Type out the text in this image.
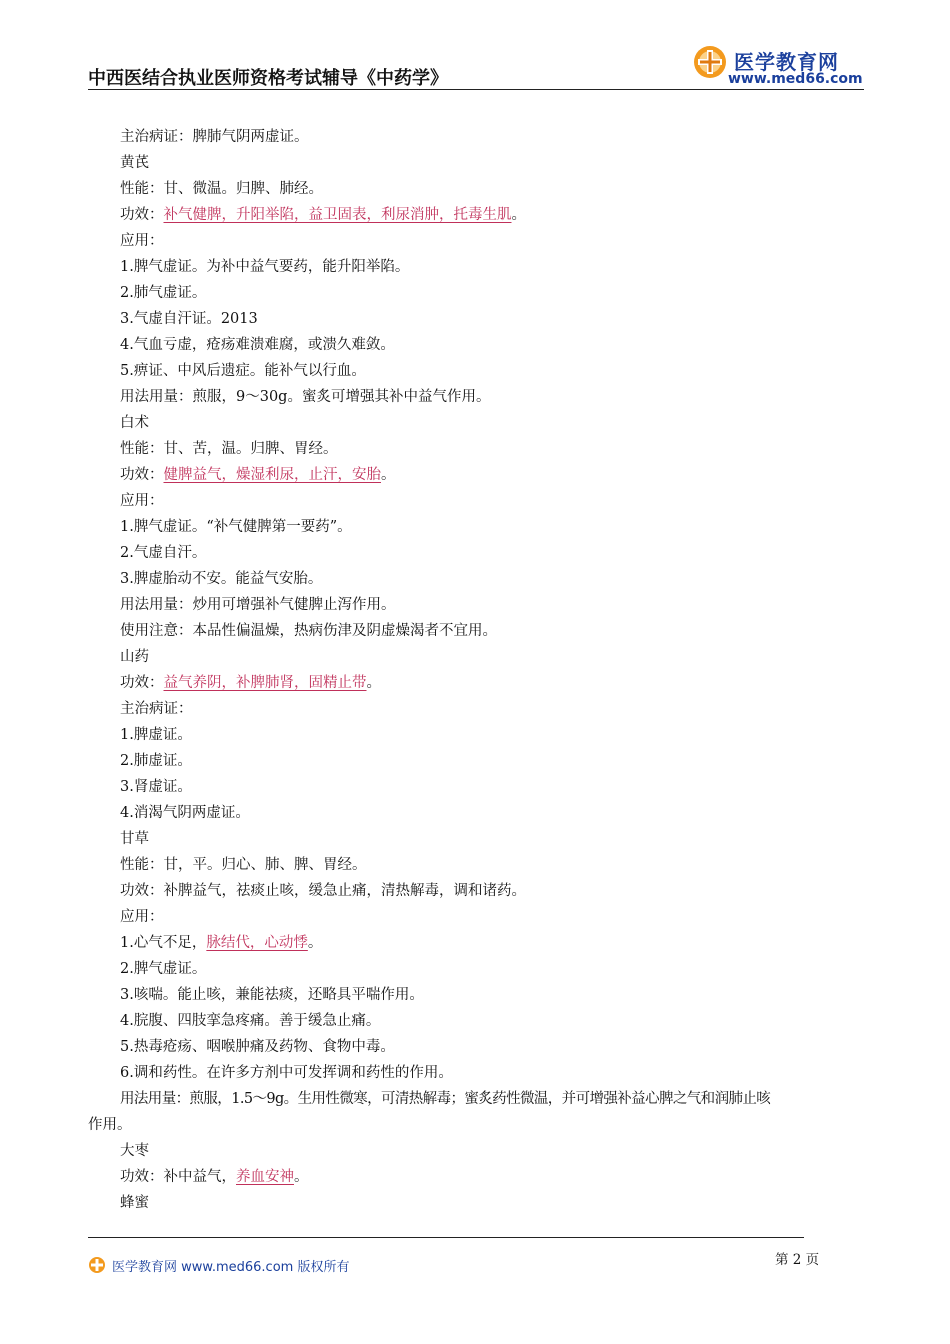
中西医结合执业医师资格考试辅导《中药学》
医学教育网
www.med66.com
主治病证：脾肺气阴两虚证。
黄芪
性能：甘、微温。归脾、肺经。
功效：补气健脾，升阳举陷，益卫固表，利尿消肿，托毒生肌。
应用：
1.脾气虚证。为补中益气要药，能升阳举陷。
2.肺气虚证。
3.气虚自汗证。2013
4.气血亏虚，疮疡难溃难腐，或溃久难敛。
5.痹证、中风后遗症。能补气以行血。
用法用量：煎服，9～30g。蜜炙可增强其补中益气作用。
白术
性能：甘、苦，温。归脾、胃经。
功效：健脾益气，燥湿利尿，止汗，安胎。
应用：
1.脾气虚证。“补气健脾第一要药”。
2.气虚自汗。
3.脾虚胎动不安。能益气安胎。
用法用量：炒用可增强补气健脾止泻作用。
使用注意：本品性偏温燥，热病伤津及阴虚燥渴者不宜用。
山药
功效：益气养阴，补脾肺肾，固精止带。
主治病证：
1.脾虚证。
2.肺虚证。
3.肾虚证。
4.消渴气阴两虚证。
甘草
性能：甘，平。归心、肺、脾、胃经。
功效：补脾益气，祛痰止咳，缓急止痛，清热解毒，调和诸药。
应用：
1.心气不足，脉结代，心动悸。
2.脾气虚证。
3.咳喘。能止咳，兼能祛痰，还略具平喘作用。
4.脘腹、四肢挛急疼痛。善于缓急止痛。
5.热毒疮疡、咽喉肿痛及药物、食物中毒。
6.调和药性。在许多方剂中可发挥调和药性的作用。
用法用量：煎服，1.5～9g。生用性微寒，可清热解毒；蜜炙药性微温，并可增强补益心脾之气和润肺止咳
作用。
大枣
功效：补中益气，养血安神。
蜂蜜
医学教育网 www.med66.com 版权所有	第 2 页
